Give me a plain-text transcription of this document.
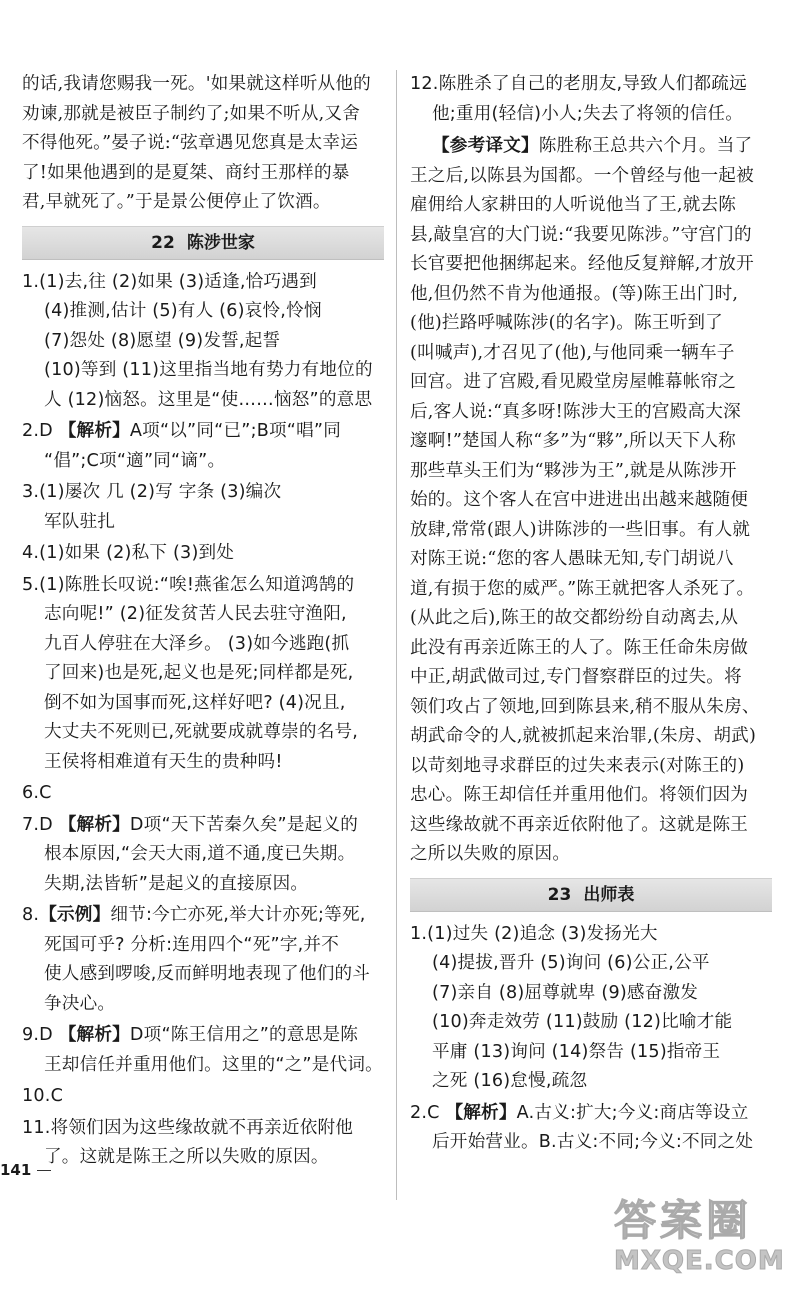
的话,我请您赐我一死。'如果就这样听从他的

劝谏,那就是被臣子制约了;如果不听从,又舍

不得他死。”晏子说:“弦章遇见您真是太幸运

了!如果他遇到的是夏桀、商纣王那样的暴

君,早就死了。”于是景公便停止了饮酒。

22 陈涉世家

1.(1)去,往 (2)如果 (3)适逢,恰巧遇到

(4)推测,估计 (5)有人 (6)哀怜,怜悯

(7)怨处 (8)愿望 (9)发誓,起誓

(10)等到 (11)这里指当地有势力有地位的

人 (12)恼怒。这里是“使……恼怒”的意思

2.D 【解析】A项“以”同“已”;B项“唱”同

“倡”;C项“適”同“谪”。

3.(1)屡次 几 (2)写 字条 (3)编次

军队驻扎

4.(1)如果 (2)私下 (3)到处

5.(1)陈胜长叹说:“唉!燕雀怎么知道鸿鹄的

志向呢!” (2)征发贫苦人民去驻守渔阳,

九百人停驻在大泽乡。 (3)如今逃跑(抓

了回来)也是死,起义也是死;同样都是死,

倒不如为国事而死,这样好吧? (4)况且,

大丈夫不死则已,死就要成就尊崇的名号,

王侯将相难道有天生的贵种吗!

6.C

7.D 【解析】D项“天下苦秦久矣”是起义的

根本原因,“会天大雨,道不通,度已失期。

失期,法皆斩”是起义的直接原因。

8.【示例】细节:今亡亦死,举大计亦死;等死,

死国可乎? 分析:连用四个“死”字,并不

使人感到啰唆,反而鲜明地表现了他们的斗

争决心。

9.D 【解析】D项“陈王信用之”的意思是陈

王却信任并重用他们。这里的“之”是代词。

10.C

11.将领们因为这些缘故就不再亲近依附他

了。这就是陈王之所以失败的原因。

12.陈胜杀了自己的老朋友,导致人们都疏远

他;重用(轻信)小人;失去了将领的信任。

【参考译文】陈胜称王总共六个月。当了

王之后,以陈县为国都。一个曾经与他一起被

雇佣给人家耕田的人听说他当了王,就去陈

县,敲皇宫的大门说:“我要见陈涉。”守宫门的

长官要把他捆绑起来。经他反复辩解,才放开

他,但仍然不肯为他通报。(等)陈王出门时,

(他)拦路呼喊陈涉(的名字)。陈王听到了

(叫喊声),才召见了(他),与他同乘一辆车子

回宫。进了宫殿,看见殿堂房屋帷幕帐帘之

后,客人说:“真多呀!陈涉大王的宫殿高大深

邃啊!”楚国人称“多”为“夥”,所以天下人称

那些草头王们为“夥涉为王”,就是从陈涉开

始的。这个客人在宫中进进出出越来越随便

放肆,常常(跟人)讲陈涉的一些旧事。有人就

对陈王说:“您的客人愚昧无知,专门胡说八

道,有损于您的威严。”陈王就把客人杀死了。

(从此之后),陈王的故交都纷纷自动离去,从

此没有再亲近陈王的人了。陈王任命朱房做

中正,胡武做司过,专门督察群臣的过失。将

领们攻占了领地,回到陈县来,稍不服从朱房、

胡武命令的人,就被抓起来治罪,(朱房、胡武)

以苛刻地寻求群臣的过失来表示(对陈王的)

忠心。陈王却信任并重用他们。将领们因为

这些缘故就不再亲近依附他了。这就是陈王

之所以失败的原因。

23 出师表

1.(1)过失 (2)追念 (3)发扬光大

(4)提拔,晋升 (5)询问 (6)公正,公平

(7)亲自 (8)屈尊就卑 (9)感奋激发

(10)奔走效劳 (11)鼓励 (12)比喻才能

平庸 (13)询问 (14)祭告 (15)指帝王

之死 (16)怠慢,疏忽

2.C 【解析】A.古义:扩大;今义:商店等设立

后开始营业。B.古义:不同;今义:不同之处

141
答案圈
MXQE.COM
